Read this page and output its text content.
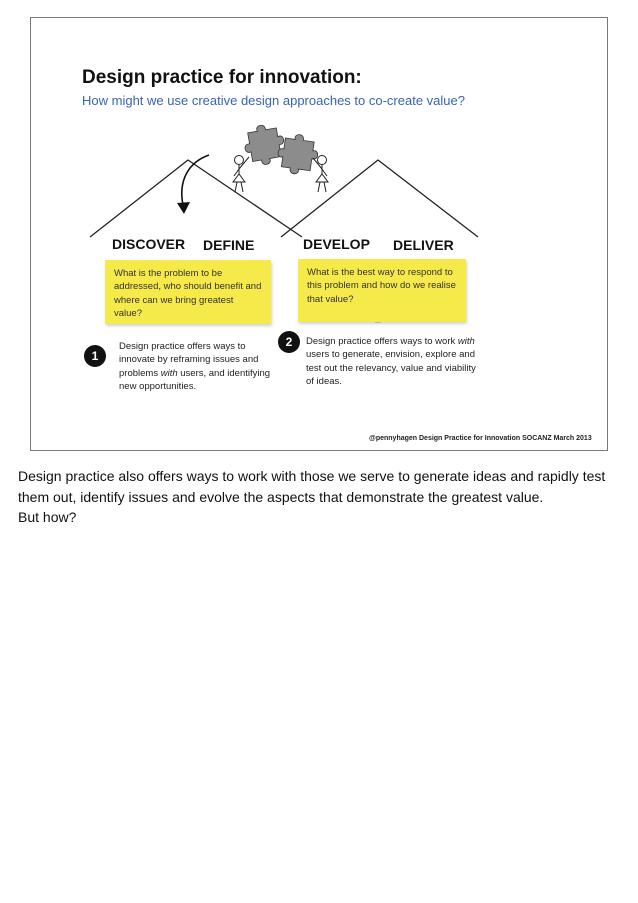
Design practice for innovation:
How might we use creative design approaches to co-create value?
DISCOVER DEFINE	DEVELOP DELIVER
What is the problem to be addressed, who should benefit and where can we bring greatest value?
What is the best way to respond to this problem and how do we realise that value?
1
Design practice offers ways to innovate by reframing issues and problems with users, and identifying new opportunities.
2	Design practice offers ways to work with users to generate, envision, explore and test out the relevancy, value and viability of ideas.
@pennyhagen Design Practice for Innovation SOCANZ March 2013
Design practice also offers ways to work with those we serve to generate ideas and rapidly test them out, identify issues and evolve the aspects that demonstrate the greatest value.
But how?
